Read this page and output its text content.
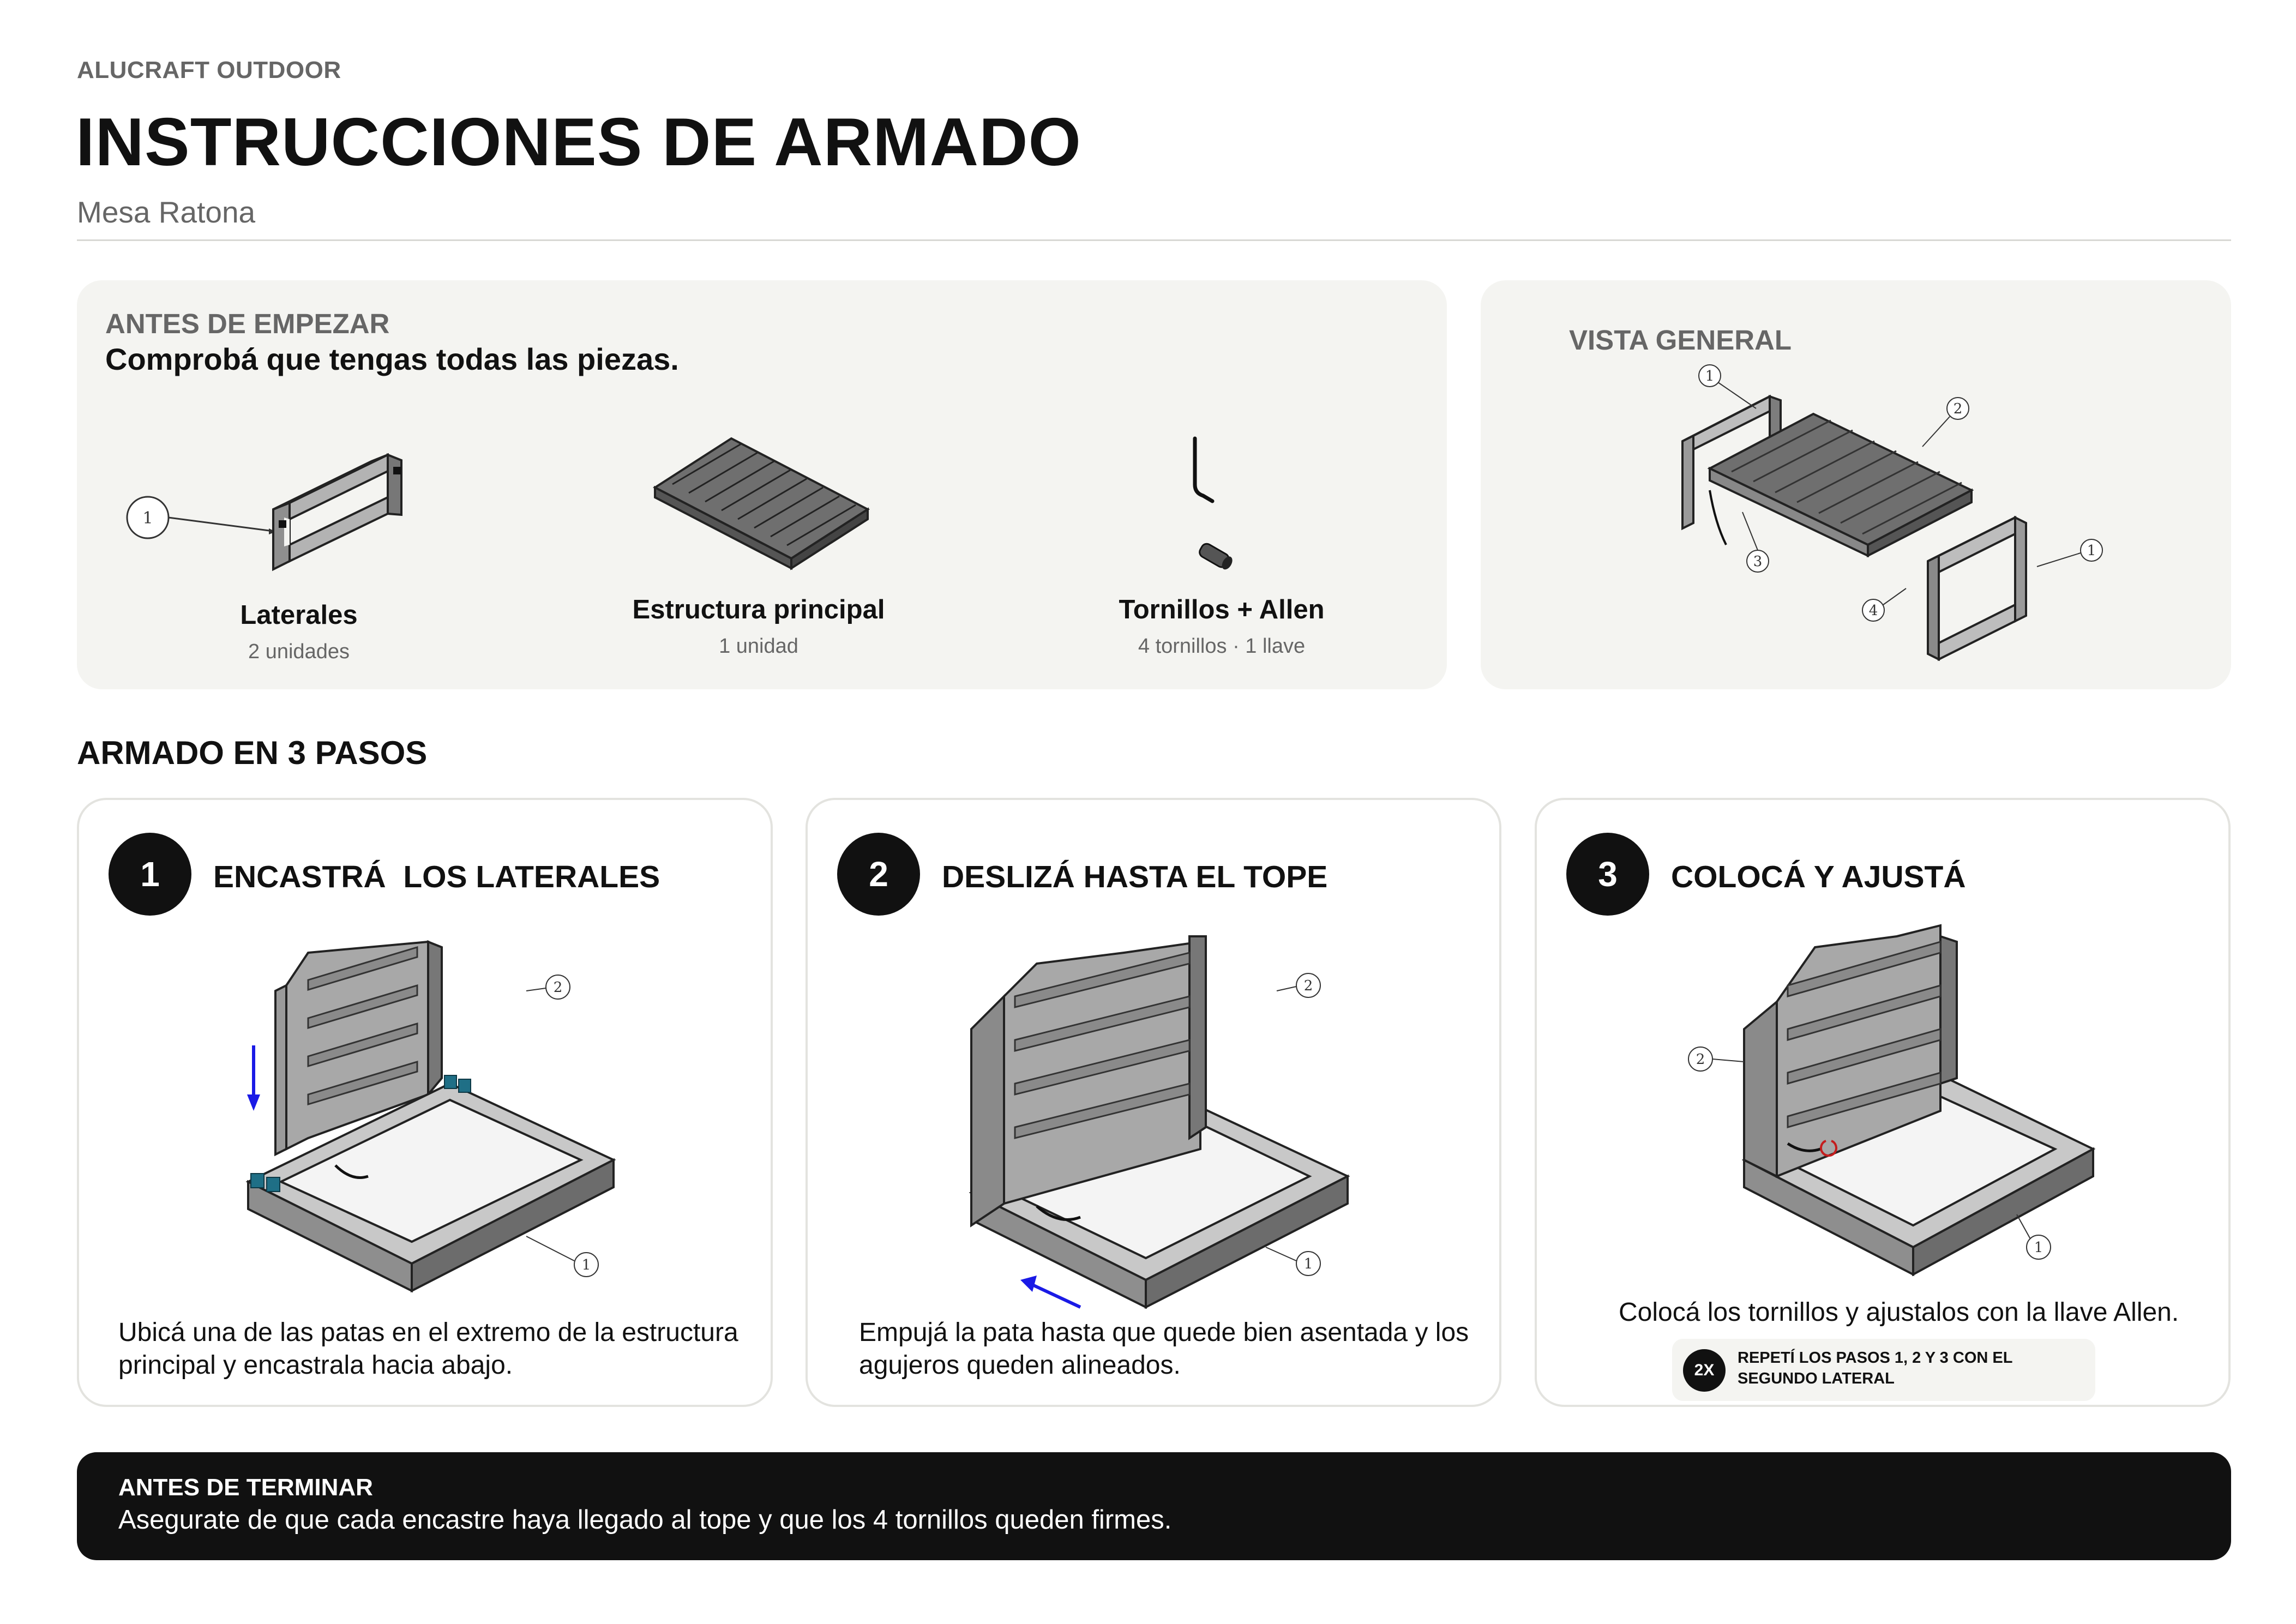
ALUCRAFT OUTDOOR
INSTRUCCIONES DE ARMADO
Mesa Ratona
ANTES DE EMPEZAR
Comprobá que tengas todas las piezas.
1
Laterales
2 unidades
Estructura principal
1 unidad
Tornillos + Allen
4 tornillos · 1 llave
VISTA GENERAL
1
2
1
3
4
ARMADO EN 3 PASOS
1	ENCASTRÁ  LOS LATERALES
2
1
Ubicá una de las patas en el extremo de la estructura principal y encastrala hacia abajo.
2	DESLIZÁ HASTA EL TOPE
2
1
Empujá la pata hasta que quede bien asentada y los agujeros queden alineados.
3	COLOCÁ Y AJUSTÁ
2
1
Colocá los tornillos y ajustalos con la llave Allen.
2X
REPETÍ LOS PASOS 1, 2 Y 3 CON EL SEGUNDO LATERAL
ANTES DE TERMINAR
Asegurate de que cada encastre haya llegado al tope y que los 4 tornillos queden firmes.
